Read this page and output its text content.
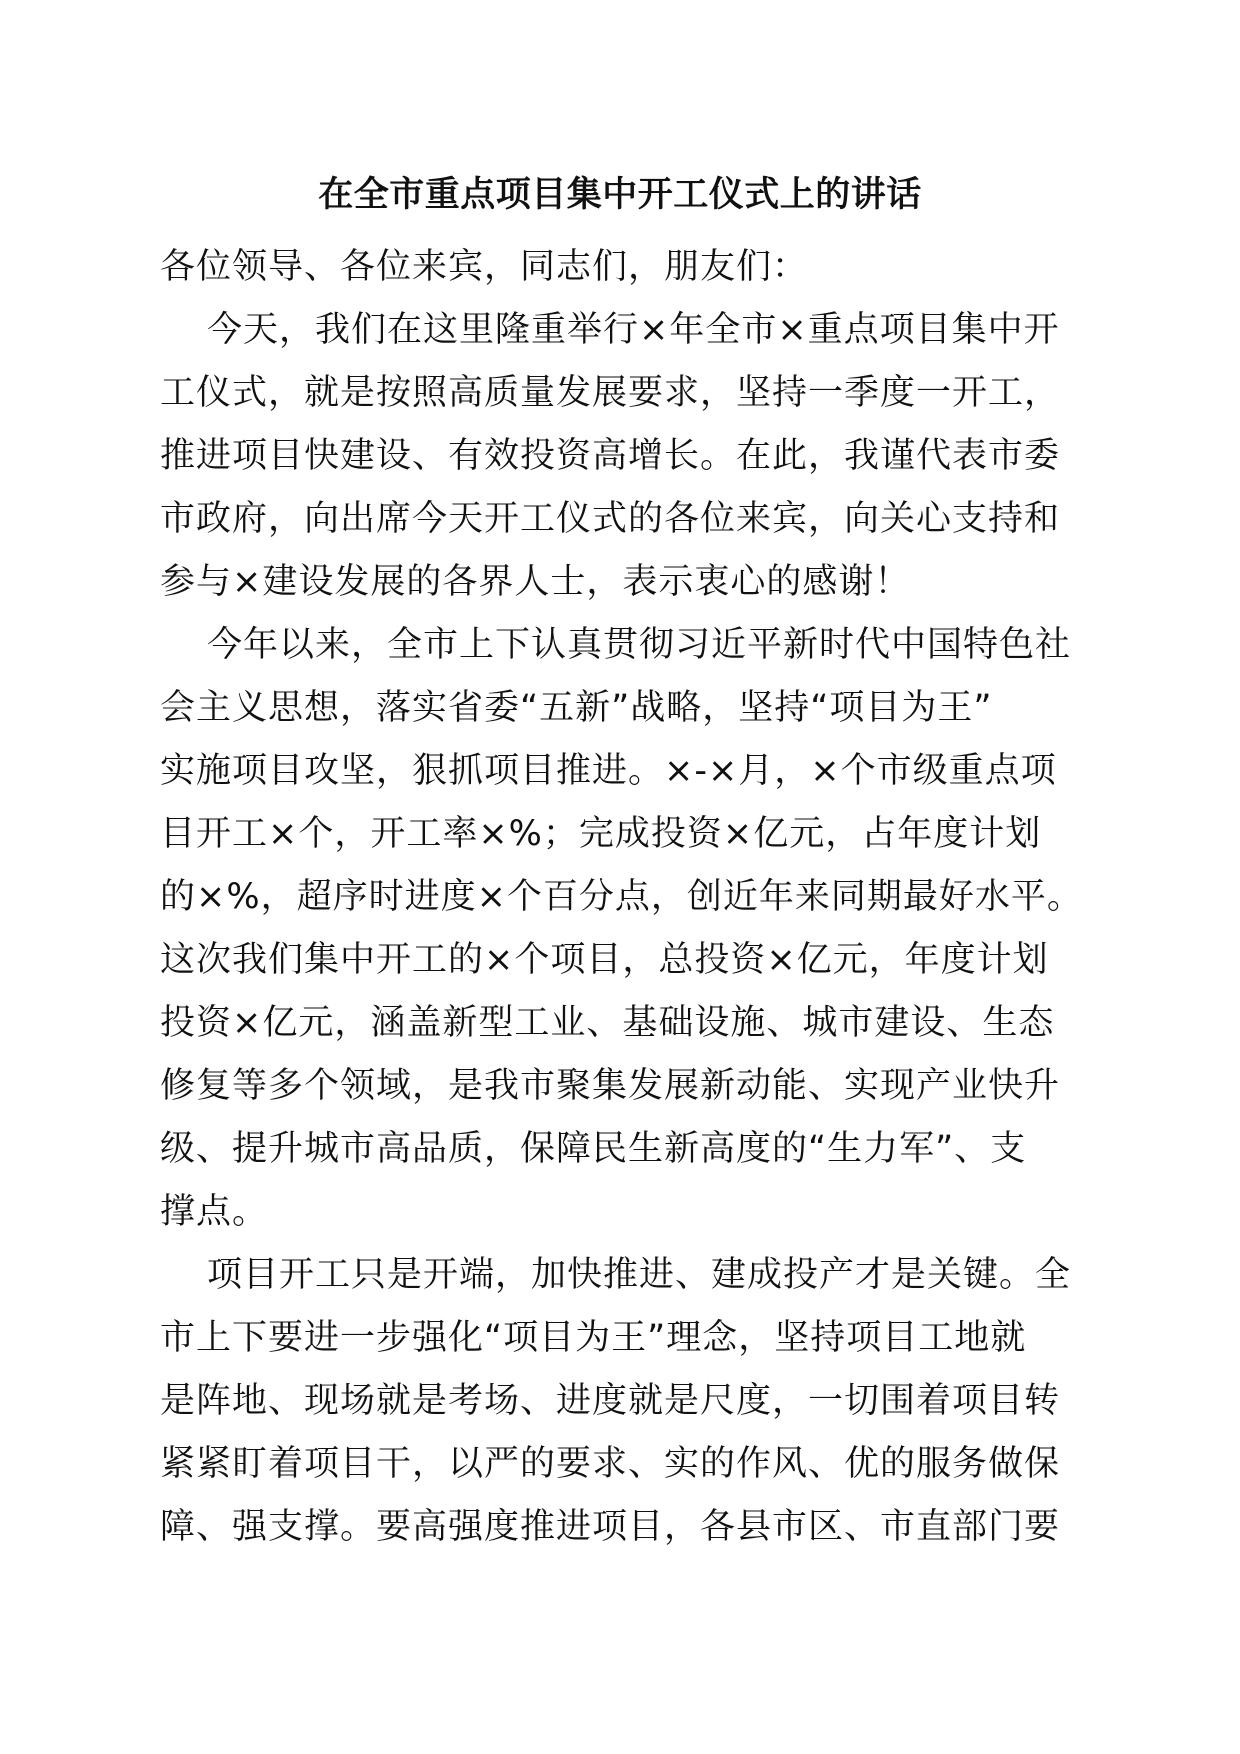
在全市重点项目集中开工仪式上的讲话
各位领导、各位来宾，同志们，朋友们：
今天，我们在这里隆重举行×年全市×重点项目集中开
工仪式，就是按照高质量发展要求，坚持一季度一开工，
推进项目快建设、有效投资高增长。在此，我谨代表市委
市政府，向出席今天开工仪式的各位来宾，向关心支持和
参与×建设发展的各界人士，表示衷心的感谢！
今年以来，全市上下认真贯彻习近平新时代中国特色社
会主义思想，落实省委“五新”战略，坚持“项目为王”
实施项目攻坚，狠抓项目推进。×-×月，×个市级重点项
目开工×个，开工率×%；完成投资×亿元，占年度计划
的×%，超序时进度×个百分点，创近年来同期最好水平。
这次我们集中开工的×个项目，总投资×亿元，年度计划
投资×亿元，涵盖新型工业、基础设施、城市建设、生态
修复等多个领域，是我市聚集发展新动能、实现产业快升
级、提升城市高品质，保障民生新高度的“生力军”、支
撑点。
项目开工只是开端，加快推进、建成投产才是关键。全
市上下要进一步强化“项目为王”理念，坚持项目工地就
是阵地、现场就是考场、进度就是尺度，一切围着项目转
紧紧盯着项目干，以严的要求、实的作风、优的服务做保
障、强支撑。要高强度推进项目，各县市区、市直部门要
